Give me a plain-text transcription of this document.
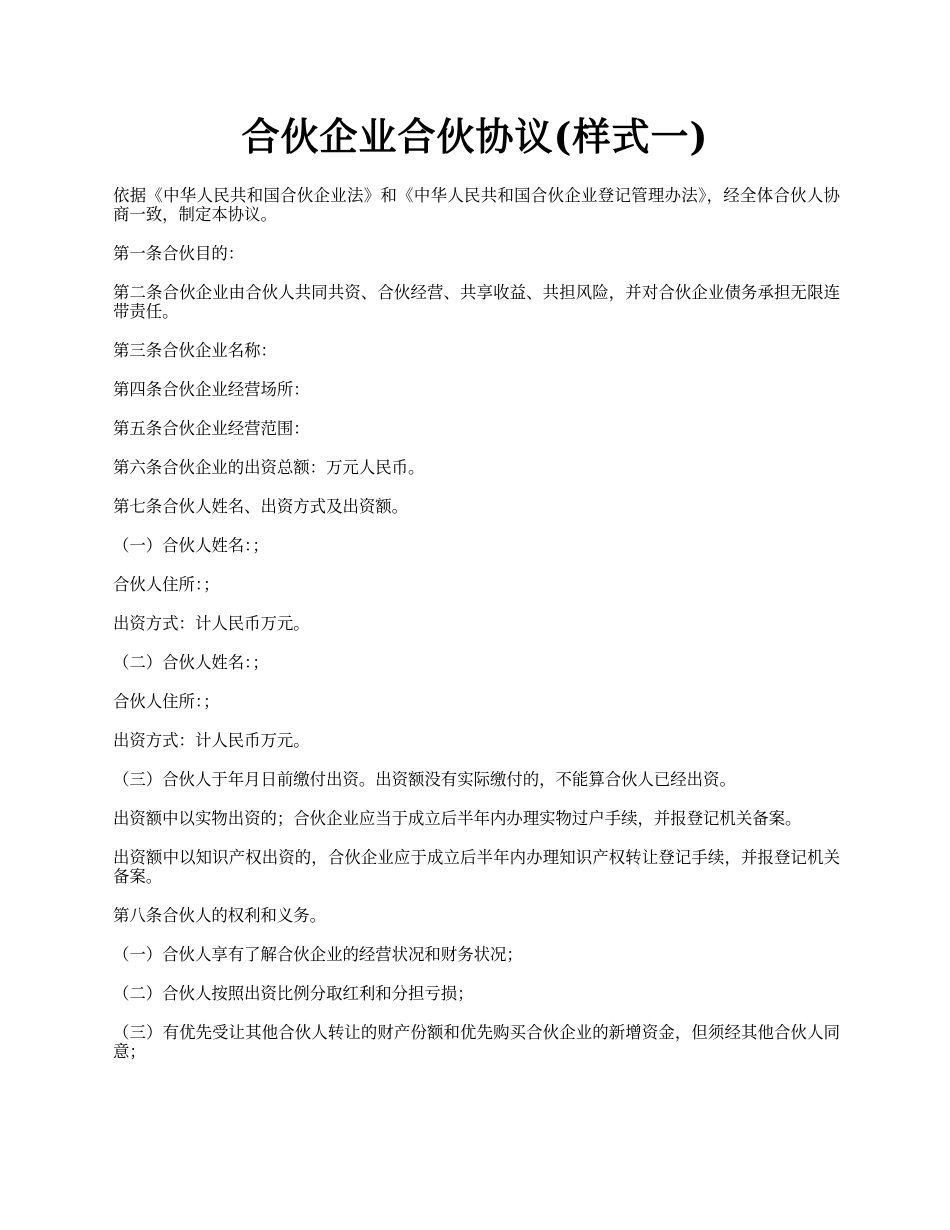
合伙企业合伙协议(样式一)

依据《中华人民共和国合伙企业法》和《中华人民共和国合伙企业登记管理办法》，经全体合伙人协商一致，制定本协议。

第一条合伙目的：

第二条合伙企业由合伙人共同共资、合伙经营、共享收益、共担风险，并对合伙企业债务承担无限连带责任。

第三条合伙企业名称：

第四条合伙企业经营场所：

第五条合伙企业经营范围：

第六条合伙企业的出资总额：万元人民币。

第七条合伙人姓名、出资方式及出资额。

（一）合伙人姓名：；

合伙人住所：；

出资方式：计人民币万元。

（二）合伙人姓名：；

合伙人住所：；

出资方式：计人民币万元。

（三）合伙人于年月日前缴付出资。出资额没有实际缴付的，不能算合伙人已经出资。

出资额中以实物出资的；合伙企业应当于成立后半年内办理实物过户手续，并报登记机关备案。

出资额中以知识产权出资的，合伙企业应于成立后半年内办理知识产权转让登记手续，并报登记机关备案。

第八条合伙人的权利和义务。

（一）合伙人享有了解合伙企业的经营状况和财务状况；

（二）合伙人按照出资比例分取红利和分担亏损；

（三）有优先受让其他合伙人转让的财产份额和优先购买合伙企业的新增资金，但须经其他合伙人同意；
